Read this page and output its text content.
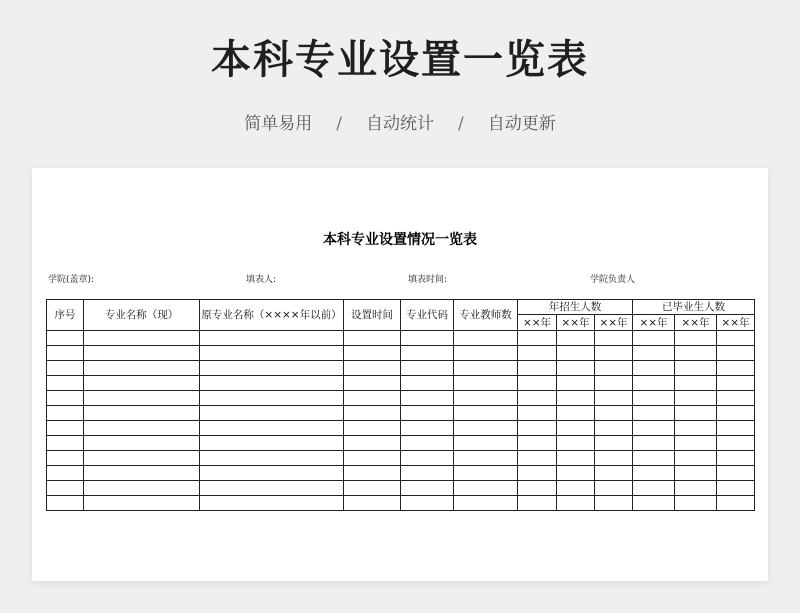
本科专业设置一览表
简单易用 / 自动统计 / 自动更新
本科专业设置情况一览表
学院(盖章):	填表人:	填表时间:	学院负责人
序号	专业名称（现）	原专业名称（××××年以前）	设置时间	专业代码	专业教师数	年招生人数			已毕业生人数		
						××年	××年	××年	××年	××年	××年
